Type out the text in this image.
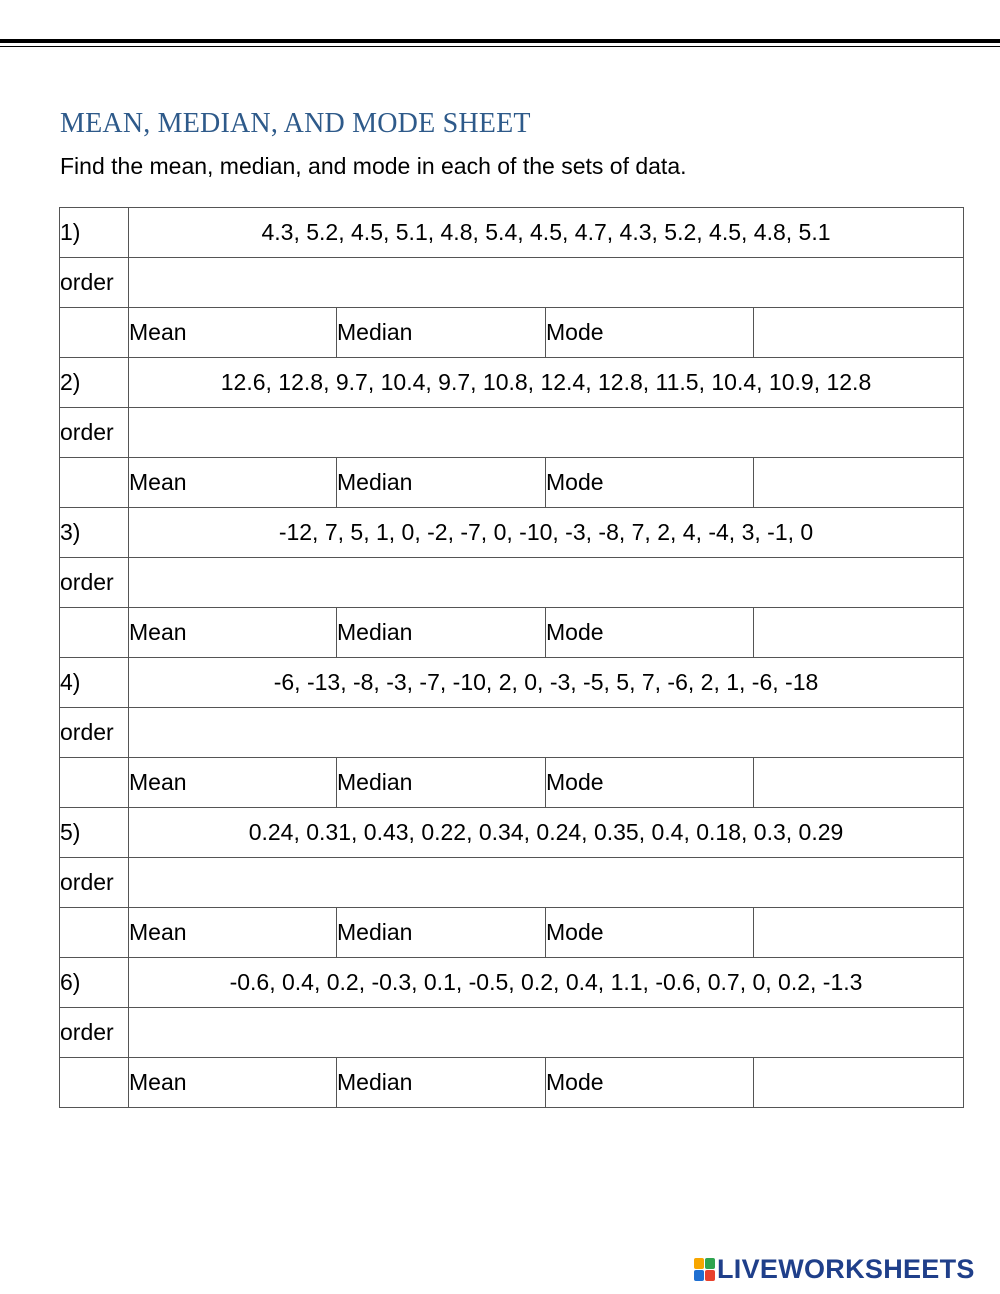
MEAN, MEDIAN, AND MODE SHEET
Find the mean, median, and mode in each of the sets of data.
1)	4.3, 5.2, 4.5, 5.1, 4.8, 5.4, 4.5, 4.7, 4.3, 5.2, 4.5, 4.8, 5.1			
order				
	Mean	Median	Mode	
2)	12.6, 12.8, 9.7, 10.4, 9.7, 10.8, 12.4, 12.8, 11.5, 10.4, 10.9, 12.8			
order				
	Mean	Median	Mode	
3)	-12, 7, 5, 1, 0, -2, -7, 0, -10, -3, -8, 7, 2, 4, -4, 3, -1, 0			
order				
	Mean	Median	Mode	
4)	-6, -13, -8, -3, -7, -10, 2, 0, -3, -5, 5, 7, -6, 2, 1, -6, -18			
order				
	Mean	Median	Mode	
5)	0.24, 0.31, 0.43, 0.22, 0.34, 0.24, 0.35, 0.4, 0.18, 0.3, 0.29			
order				
	Mean	Median	Mode	
6)	-0.6, 0.4, 0.2, -0.3, 0.1, -0.5, 0.2, 0.4, 1.1, -0.6, 0.7, 0, 0.2, -1.3			
order				
	Mean	Median	Mode	
LIVEWORKSHEETS
